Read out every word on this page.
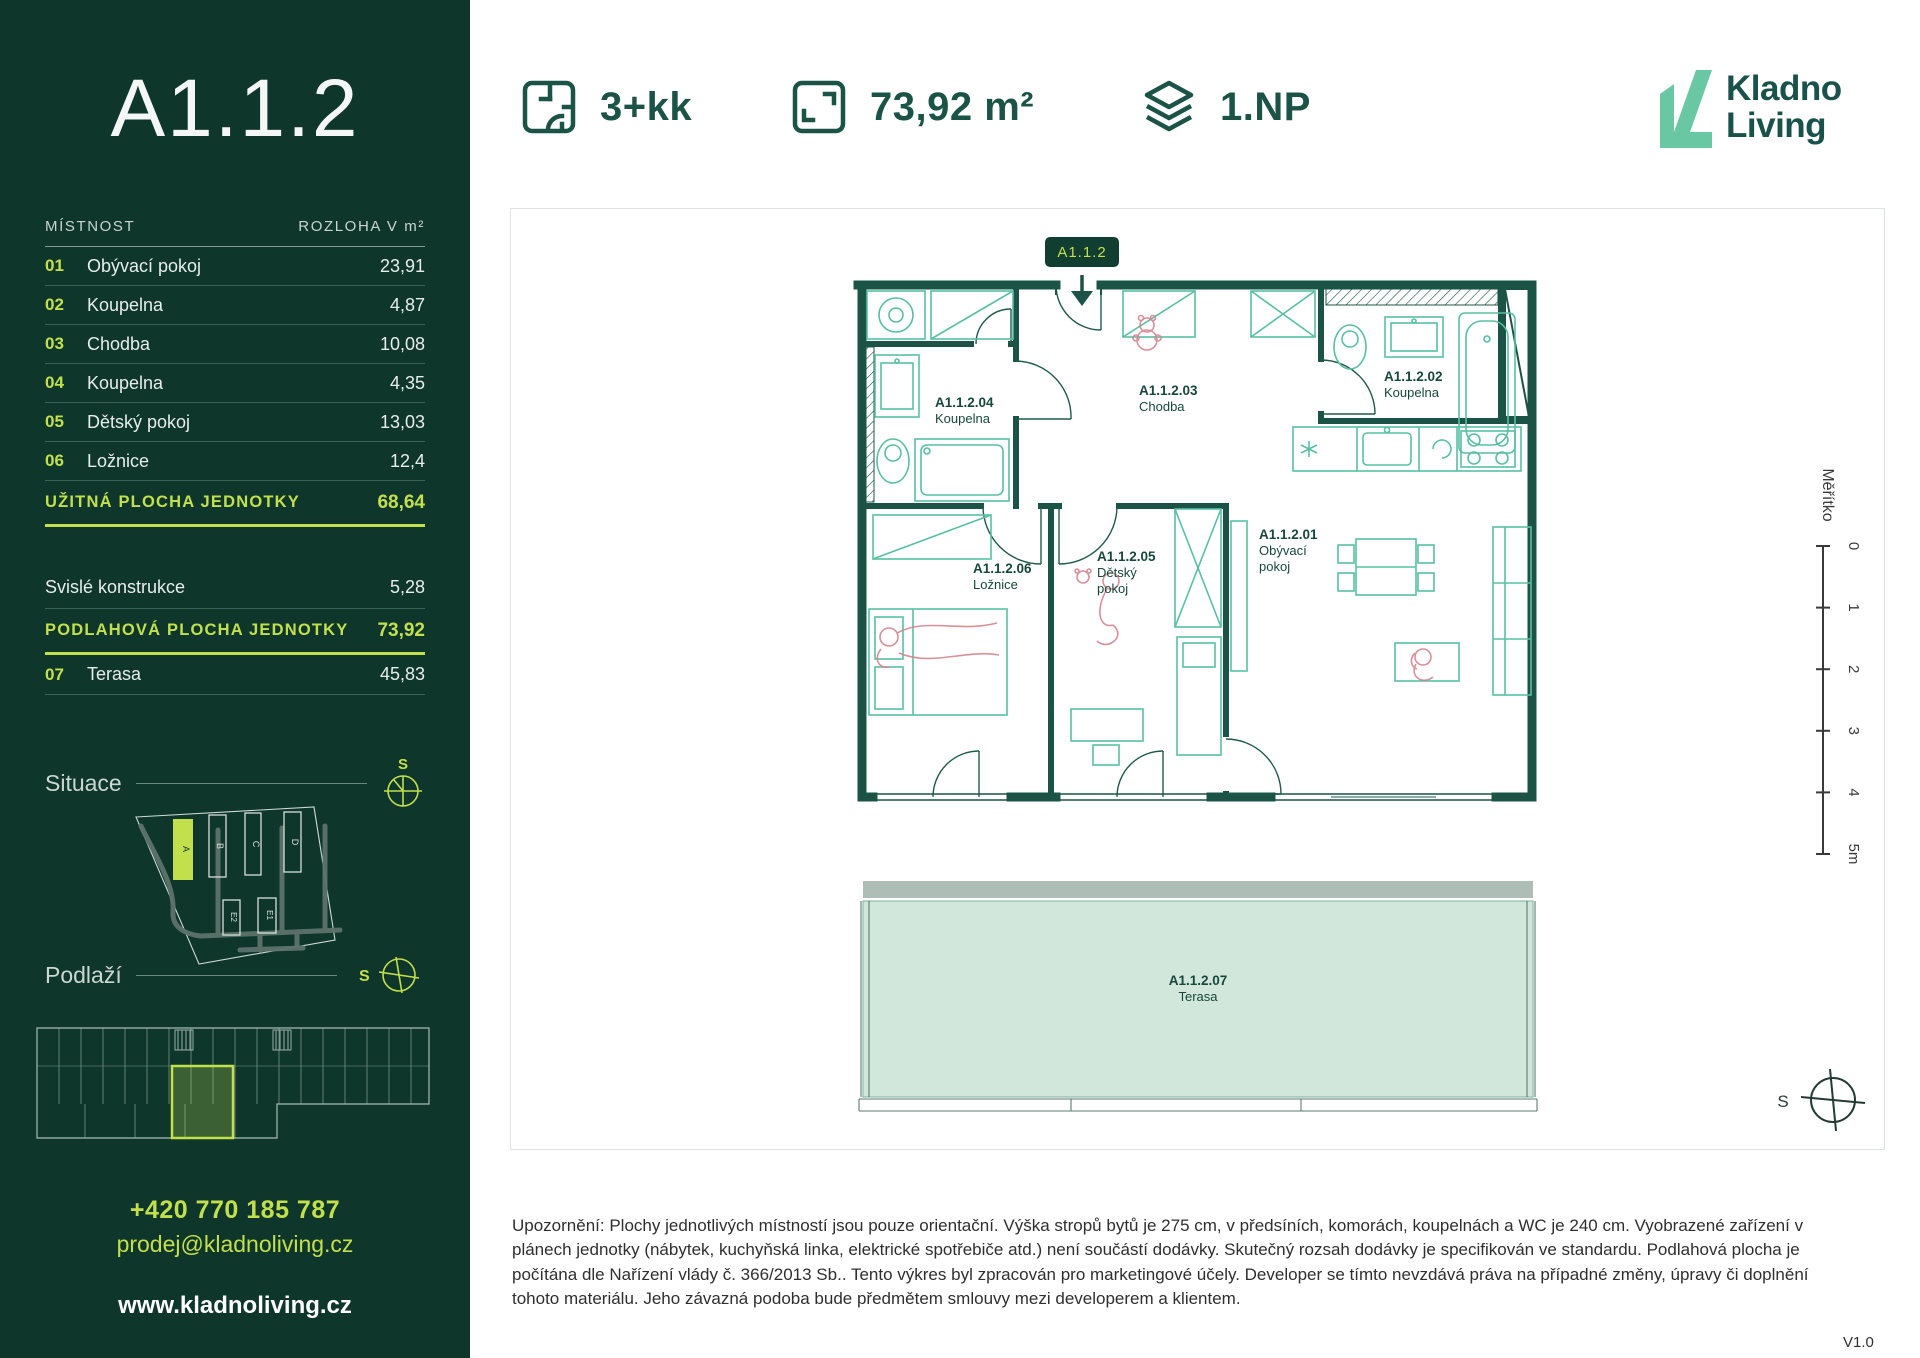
A1.1.2
MÍSTNOST	ROZLOHA V m²
01	Obývací pokoj	23,91
02	Koupelna	4,87
03	Chodba	10,08
04	Koupelna	4,35
05	Dětský pokoj	13,03
06	Ložnice	12,4
UŽITNÁ PLOCHA JEDNOTKY	68,64
Svislé konstrukce	5,28
PODLAHOVÁ PLOCHA JEDNOTKY 73,92
07	Terasa	45,83
Situace
S
A	B	C	D
E2	E1
Podlaží	S
+420 770 185 787
prodej@kladnoliving.cz
www.kladnoliving.cz
3+kk	73,92 m²	1.NP	Kladno
Living
A1.1.2
A1.1.2.04
Koupelna
A1.1.2.03
Chodba
A1.1.2.02
Koupelna
A1.1.2.06
Ložnice
A1.1.2.05
Dětský
pokoj
A1.1.2.01
Obývací
pokoj
A1.1.2.07
Terasa
Měřítko
0
1
2
3
4
5m
S

Upozornění: Plochy jednotlivých místností jsou pouze orientační. Výška stropů bytů je 275 cm, v předsíních, komorách, koupelnách a WC je 240 cm. Vyobrazené zařízení v plánech jednotky (nábytek, kuchyňská linka, elektrické spotřebiče atd.) není součástí dodávky. Skutečný rozsah dodávky je specifikován ve standardu. Podlahová plocha je počítána dle Nařízení vlády č. 366/2013 Sb.. Tento výkres byl zpracován pro marketingové účely. Developer se tímto nevzdává práva na případné změny, úpravy či doplnění tohoto materiálu. Jeho závazná podoba bude předmětem smlouvy mezi developerem a klientem.

V1.0
